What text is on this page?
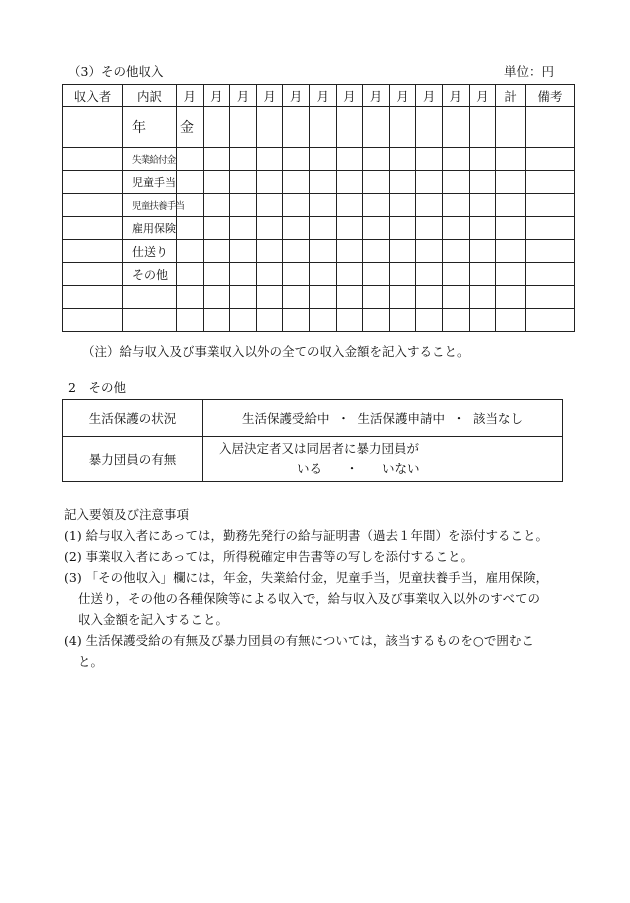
（3）その他収入	単位：円
収入者	内訳	月	月	月	月	月	月	月	月	月	月	月	月	計	備考
	年　金														
	失業給付金														
	児童手当														
	児童扶養手当														
	雇用保険														
	仕送り														
	その他														

（注）給与収入及び事業収入以外の全ての収入金額を記入すること。
2　その他
生活保護の状況	生活保護受給中 ・ 生活保護申請中 ・ 該当なし
暴力団員の有無	入居決定者又は同居者に暴力団員が
いる ・ いない
記入要領及び注意事項
(1) 給与収入者にあっては，勤務先発行の給与証明書（過去１年間）を添付すること。
(2) 事業収入者にあっては，所得税確定申告書等の写しを添付すること。
(3) 「その他収入」欄には，年金，失業給付金，児童手当，児童扶養手当，雇用保険，
仕送り，その他の各種保険等による収入で，給与収入及び事業収入以外のすべての
収入金額を記入すること。
(4) 生活保護受給の有無及び暴力団員の有無については，該当するものを○で囲むこ
と。
